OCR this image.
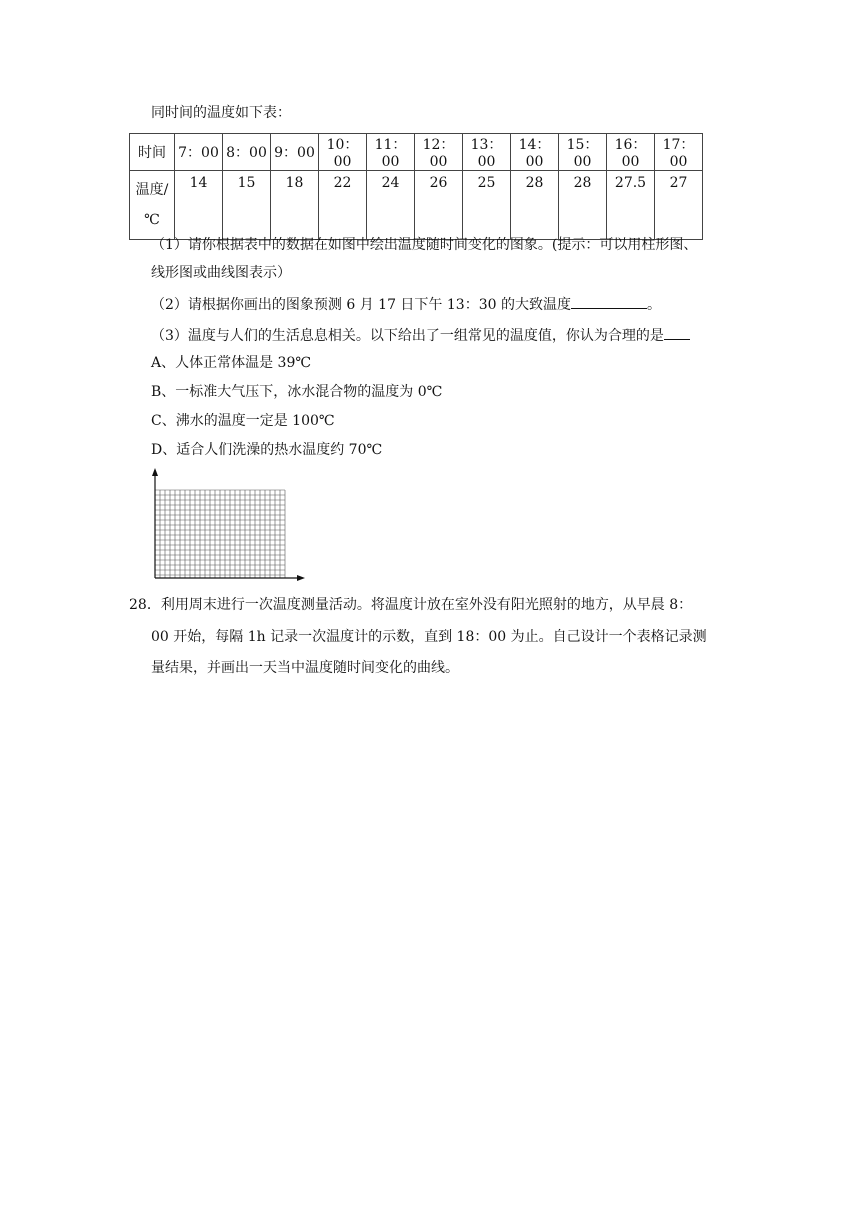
同时间的温度如下表：
时间	7：00	8：00	9：00	10：00	11：00	12：00	13：00	14：00	15：00	16：00	17：00

温度/
℃	14	15	18	22	24	26	25	28	28	27.5	27
（1）请你根据表中的数据在如图中绘出温度随时间变化的图象。(提示：可以用柱形图、
线形图或曲线图表示）
（2）请根据你画出的图象预测 6 月 17 日下午 13：30 的大致温度	。
（3）温度与人们的生活息息相关。以下给出了一组常见的温度值，你认为合理的是
A、人体正常体温是 39℃
B、一标准大气压下，冰水混合物的温度为 0℃
C、沸水的温度一定是 100℃
D、适合人们洗澡的热水温度约 70℃
28．利用周末进行一次温度测量活动。将温度计放在室外没有阳光照射的地方，从早晨 8：
00 开始，每隔 1h 记录一次温度计的示数，直到 18：00 为止。自己设计一个表格记录测
量结果，并画出一天当中温度随时间变化的曲线。
